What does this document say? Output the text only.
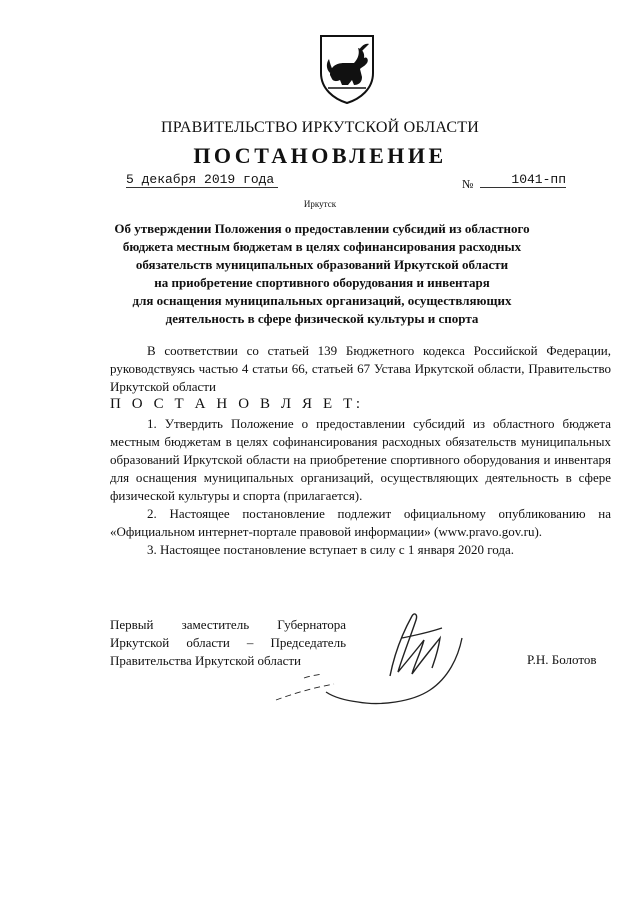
ПРАВИТЕЛЬСТВО ИРКУТСКОЙ ОБЛАСТИ
ПОСТАНОВЛЕНИЕ
5 декабря 2019 года	№	1041-пп
Иркутск
Об утверждении Положения о предоставлении субсидий из областного
бюджета местным бюджетам в целях софинансирования расходных
обязательств муниципальных образований Иркутской области
на приобретение спортивного оборудования и инвентаря
для оснащения муниципальных организаций, осуществляющих
деятельность в сфере физической культуры и спорта

В соответствии со статьей 139 Бюджетного кодекса Российской Федерации, руководствуясь частью 4 статьи 66, статьей 67 Устава Иркутской области, Правительство Иркутской области

П О С Т А Н О В Л Я Е Т:

1. Утвердить Положение о предоставлении субсидий из областного бюджета местным бюджетам в целях софинансирования расходных обязательств муниципальных образований Иркутской области на приобретение спортивного оборудования и инвентаря для оснащения муниципальных организаций, осуществляющих деятельность в сфере физической культуры и спорта (прилагается).

2. Настоящее постановление подлежит официальному опубликованию на «Официальном интернет-портале правовой информации» (www.pravo.gov.ru).

3. Настоящее постановление вступает в силу с 1 января 2020 года.

Первый заместитель Губернатора
Иркутской области – Председатель
Правительства Иркутской области	Р.Н. Болотов
